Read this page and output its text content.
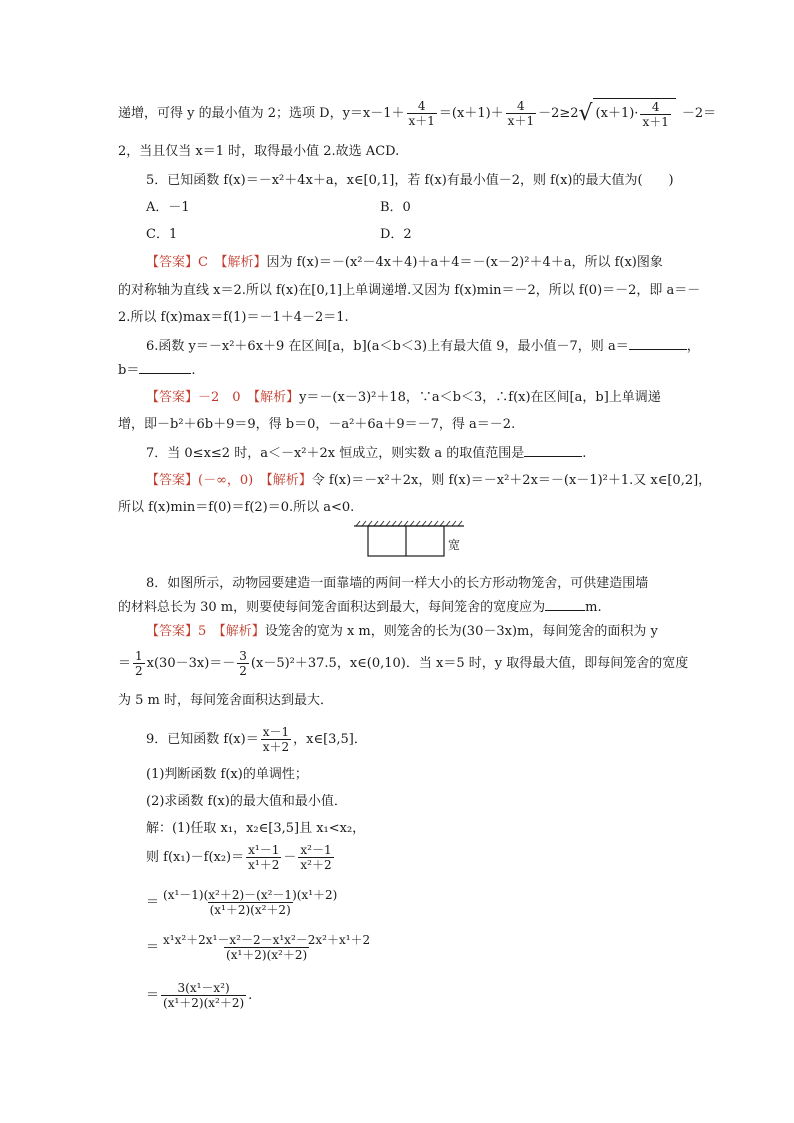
递增，可得 y 的最小值为 2；选项 D，$y=x-1+ \frac{4}{x+1} =(x+1)+ \frac{4}{x+1} -2\ge 2$ √ $(x+1)\cdot \frac{4}{x+1} -2=$
2，当且仅当 x＝1 时，取得最小值 2.故选 ACD.
5．已知函数 f(x)＝－x²＋4x＋a，x∈[0,1]，若 f(x)有最小值－2，则 f(x)的最大值为(　　)
A．－1	B．0
C．1	D．2
【答案】C　 【解析】因为 f(x)＝－(x²－4x＋4)＋a＋4＝－(x－2)²＋4＋a，所以 f(x)图象
的对称轴为直线 x＝2.所以 f(x)在[0,1]上单调递增.又因为 f(x)min＝－2，所以 f(0)＝－2，即 a＝－
2.所以 f(x)max＝f(1)＝－1＋4－2＝1.
6.函数 y＝－x²＋6x＋9 在区间[a，b](a＜b＜3)上有最大值 9，最小值－7，则 a＝	，
b＝	.
【答案】－2　0　 【解析】y＝－(x－3)²＋18，∵a＜b＜3，∴f(x)在区间[a，b]上单调递
增，即－b²＋6b＋9＝9，得 b＝0，－a²＋6a＋9＝－7，得 a＝－2.
7．当 0≤x≤2 时，a＜－x²＋2x 恒成立，则实数 a 的取值范围是	.
【答案】(－∞，0)　 【解析】令 f(x)＝－x²＋2x，则 f(x)＝－x²＋2x＝－(x－1)²＋1.又 x∈[0,2]，
所以 f(x)min＝f(0)＝f(2)＝0.所以 a<0.
宽
8．如图所示，动物园要建造一面靠墙的两间一样大小的长方形动物笼舍，可供建造围墙
的材料总长为 30 m，则要使每间笼舍面积达到最大，每间笼舍的宽度应为	m.
【答案】5　 【解析】设笼舍的宽为 x m，则笼舍的长为(30－3x)m，每间笼舍的面积为 y
＝ $\frac{1}{2} x(30-3x)=- \frac{3}{2} (x-5)^2+37.5$，x∈(0,10)．当 x＝5 时，y 取得最大值，即每间笼舍的宽度
为 5 m 时，每间笼舍面积达到最大．
9．已知函数 $f(x)= \frac{x-1}{x+2}$ ，x∈[3,5]．
(1)判断函数 f(x)的单调性；
(2)求函数 f(x)的最大值和最小值．
解：(1)任取 x₁，x₂∈[3,5]且 x₁<x₂，
则 $f(x_1)-f(x_2)= \frac{\text{x¹－1}}{\text{x¹＋2}} - \frac{\text{x²－1}}{\text{x²＋2}}$
＝ $\frac{\text{(x¹－1)(x²＋2)－(x²－1)(x¹＋2)}}{\text{(x¹＋2)(x²＋2)}}$
＝ $\frac{\text{x¹x²＋2x¹－x²－2－x¹x²－2x²＋x¹＋2}}{\text{(x¹＋2)(x²＋2)}}$
＝ $\frac{\text{3(x¹－x²)}}{\text{(x¹＋2)(x²＋2)}}$ .
